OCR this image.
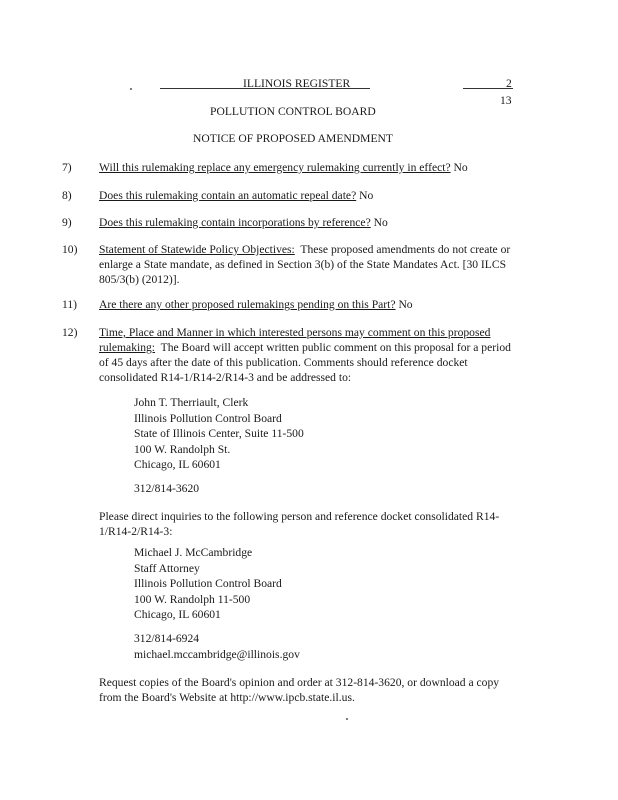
ILLINOIS REGISTER	2
13
POLLUTION CONTROL BOARD
NOTICE OF PROPOSED AMENDMENT
7) Will this rulemaking replace any emergency rulemaking currently in effect? No
8) Does this rulemaking contain an automatic repeal date? No
9) Does this rulemaking contain incorporations by reference? No
10) Statement of Statewide Policy Objectives: These proposed amendments do not create or
enlarge a State mandate, as defined in Section 3(b) of the State Mandates Act. [30 ILCS
805/3(b) (2012)].
11) Are there any other proposed rulemakings pending on this Part? No
12) Time, Place and Manner in which interested persons may comment on this proposed
rulemaking: The Board will accept written public comment on this proposal for a period
of 45 days after the date of this publication. Comments should reference docket
consolidated R14-1/R14-2/R14-3 and be addressed to:
John T. Therriault, Clerk
Illinois Pollution Control Board
State of Illinois Center, Suite 11-500
100 W. Randolph St.
Chicago, IL 60601
312/814-3620
Please direct inquiries to the following person and reference docket consolidated R14-
1/R14-2/R14-3:
Michael J. McCambridge
Staff Attorney
Illinois Pollution Control Board
100 W. Randolph 11-500
Chicago, IL 60601
312/814-6924
michael.mccambridge@illinois.gov
Request copies of the Board's opinion and order at 312-814-3620, or download a copy
from the Board's Website at http://www.ipcb.state.il.us.
